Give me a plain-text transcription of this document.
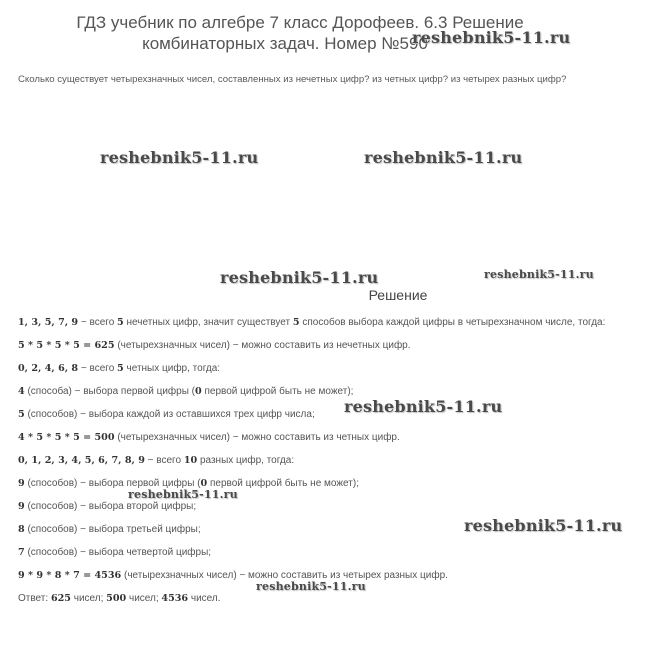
ГДЗ учебник по алгебре 7 класс Дорофеев. 6.3 Решение
комбинаторных задач. Номер №590
Сколько существует четырехзначных чисел, составленных из нечетных цифр? из четных цифр? из четырех разных цифр?
Решение
1, 3, 5, 7, 9 − всего 5 нечетных цифр, значит существует 5 способов выбора каждой цифры в четырехзначном числе, тогда:
5 * 5 * 5 * 5 = 625 (четырехзначных чисел) − можно составить из нечетных цифр.
0, 2, 4, 6, 8 − всего 5 четных цифр, тогда:
4 (способа) − выбора первой цифры (0 первой цифрой быть не может);
5 (способов) − выбора каждой из оставшихся трех цифр числа;
4 * 5 * 5 * 5 = 500 (четырехзначных чисел) − можно составить из четных цифр.
0, 1, 2, 3, 4, 5, 6, 7, 8, 9 − всего 10 разных цифр, тогда:
9 (способов) − выбора первой цифры (0 первой цифрой быть не может);
9 (способов) − выбора второй цифры;
8 (способов) − выбора третьей цифры;
7 (способов) − выбора четвертой цифры;
9 * 9 * 8 * 7 = 4536 (четырехзначных чисел) − можно составить из четырех разных цифр.
Ответ: 625 чисел; 500 чисел; 4536 чисел.
reshebnik5-11.ru
reshebnik5-11.ru	reshebnik5-11.ru
reshebnik5-11.ru	reshebnik5-11.ru
reshebnik5-11.ru
reshebnik5-11.ru
reshebnik5-11.ru
reshebnik5-11.ru
